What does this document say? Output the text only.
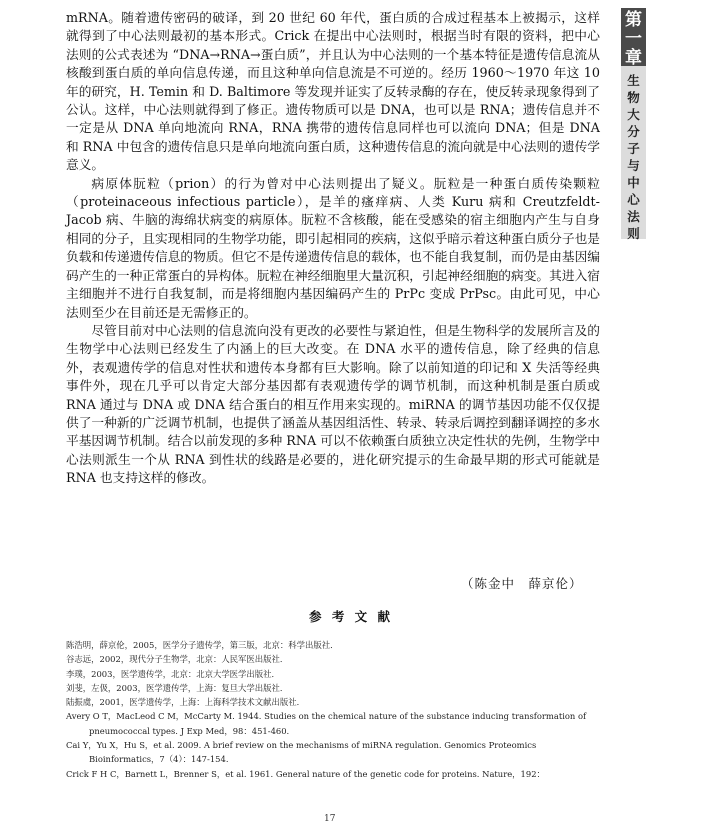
第
一
章
生
物
大
分
子
与
中
心
法
则

mRNA。随着遗传密码的破译，到 20 世纪 60 年代，蛋白质的合成过程基本上被揭示，这样就得到了中心法则最初的基本形式。Crick 在提出中心法则时，根据当时有限的资料，把中心法则的公式表述为 “DNA→RNA→蛋白质”，并且认为中心法则的一个基本特征是遗传信息流从核酸到蛋白质的单向信息传递，而且这种单向信息流是不可逆的。经历 1960～1970 年这 10 年的研究，H. Temin 和 D. Baltimore 等发现并证实了反转录酶的存在，使反转录现象得到了公认。这样，中心法则就得到了修正。遗传物质可以是 DNA，也可以是 RNA；遗传信息并不一定是从 DNA 单向地流向 RNA，RNA 携带的遗传信息同样也可以流向 DNA；但是 DNA 和 RNA 中包含的遗传信息只是单向地流向蛋白质，这种遗传信息的流向就是中心法则的遗传学意义。

病原体朊粒（prion）的行为曾对中心法则提出了疑义。朊粒是一种蛋白质传染颗粒（proteinaceous infectious particle），是羊的瘙痒病、人类 Kuru 病和 Creutzfeldt-Jacob 病、牛脑的海绵状病变的病原体。朊粒不含核酸，能在受感染的宿主细胞内产生与自身相同的分子，且实现相同的生物学功能，即引起相同的疾病，这似乎暗示着这种蛋白质分子也是负载和传递遗传信息的物质。但它不是传递遗传信息的载体，也不能自我复制，而仍是由基因编码产生的一种正常蛋白的异构体。朊粒在神经细胞里大量沉积，引起神经细胞的病变。其进入宿主细胞并不进行自我复制，而是将细胞内基因编码产生的 PrPc 变成 PrPsc。由此可见，中心法则至少在目前还是无需修正的。

尽管目前对中心法则的信息流向没有更改的必要性与紧迫性，但是生物科学的发展所言及的生物学中心法则已经发生了内涵上的巨大改变。在 DNA 水平的遗传信息，除了经典的信息外，表观遗传学的信息对性状和遗传本身都有巨大影响。除了以前知道的印记和 X 失活等经典事件外，现在几乎可以肯定大部分基因都有表观遗传学的调节机制，而这种机制是蛋白质或 RNA 通过与 DNA 或 DNA 结合蛋白的相互作用来实现的。miRNA 的调节基因功能不仅仅提供了一种新的广泛调节机制，也提供了涵盖从基因组活性、转录、转录后调控到翻译调控的多水平基因调节机制。结合以前发现的多种 RNA 可以不依赖蛋白质独立决定性状的先例，生物学中心法则派生一个从 RNA 到性状的线路是必要的，进化研究提示的生命最早期的形式可能就是 RNA 也支持这样的修改。

（陈金中　薛京伦）
参 考 文 献
陈浩明，薛京伦，2005，医学分子遗传学，第三版，北京：科学出版社．
谷志远，2002，现代分子生物学，北京：人民军医出版社．
李璞，2003，医学遗传学，北京：北京大学医学出版社．
刘斐，左伋，2003，医学遗传学，上海：复旦大学出版社．
陆振虞，2001，医学遗传学，上海：上海科学技术文献出版社．
Avery O T，MacLeod C M，McCarty M. 1944. Studies on the chemical nature of the substance inducing transformation of pneumococcal types. J Exp Med，98：451-460.
Cai Y，Yu X，Hu S，et al. 2009. A brief review on the mechanisms of miRNA regulation. Genomics Proteomics Bioinformatics，7（4）：147-154.
Crick F H C，Barnett L，Brenner S，et al. 1961. General nature of the genetic code for proteins. Nature，192：
17
